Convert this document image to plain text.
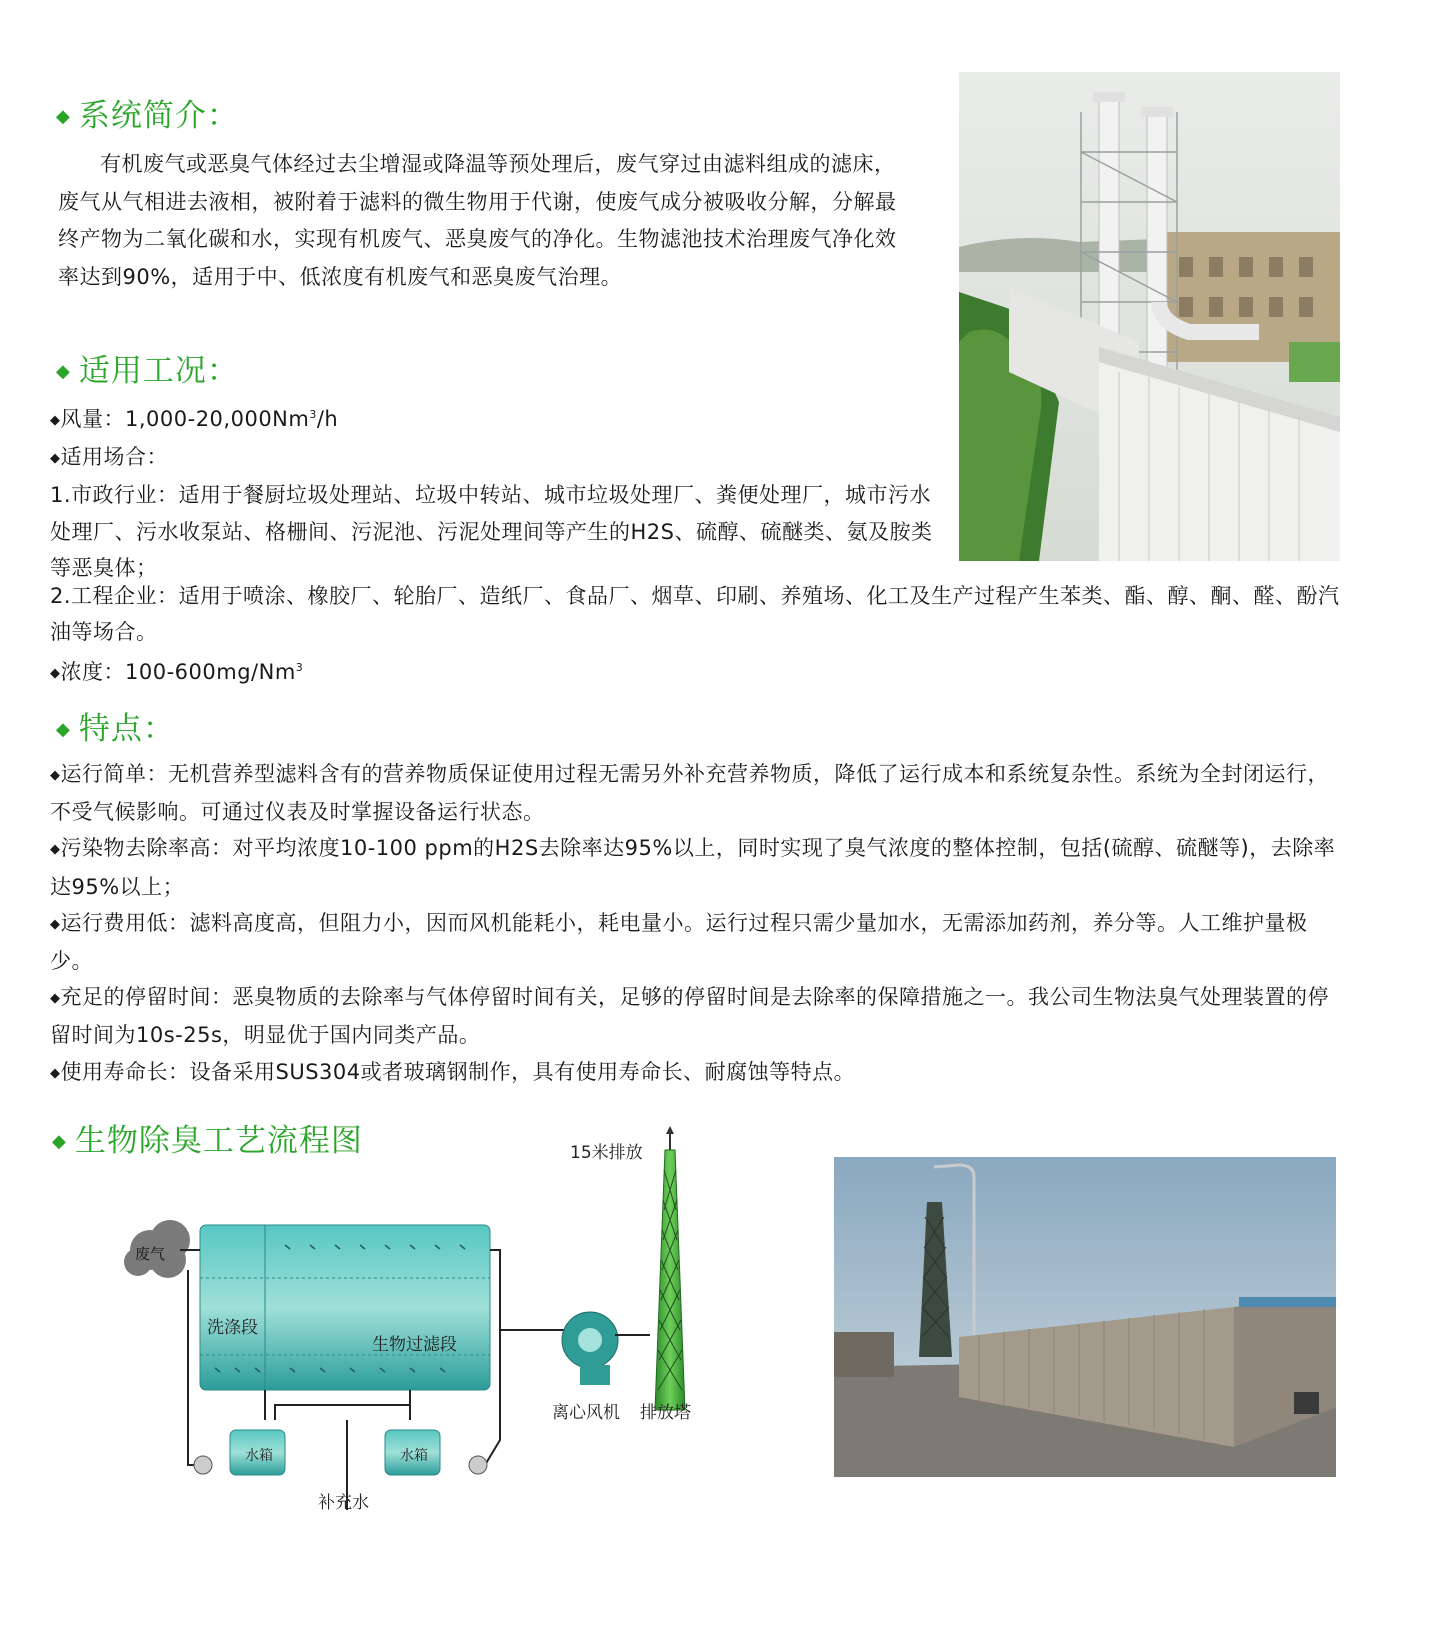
◆ 系统简介：

有机废气或恶臭气体经过去尘增湿或降温等预处理后，废气穿过由滤料组成的滤床，废气从气相进去液相，被附着于滤料的微生物用于代谢，使废气成分被吸收分解，分解最终产物为二氧化碳和水，实现有机废气、恶臭废气的净化。生物滤池技术治理废气净化效率达到90%，适用于中、低浓度有机废气和恶臭废气治理。

◆ 适用工况：

◆风量：1,000-20,000Nm$^3$/h

◆适用场合：

1.市政行业：适用于餐厨垃圾处理站、垃圾中转站、城市垃圾处理厂、粪便处理厂，城市污水处理厂、污水收泵站、格栅间、污泥池、污泥处理间等产生的H2S、硫醇、硫醚类、氨及胺类等恶臭体；

2.工程企业：适用于喷涂、橡胶厂、轮胎厂、造纸厂、食品厂、烟草、印刷、养殖场、化工及生产过程产生苯类、酯、醇、酮、醛、酚汽油等场合。

◆浓度：100-600mg/Nm$^3$

◆ 特点：

◆运行简单：无机营养型滤料含有的营养物质保证使用过程无需另外补充营养物质，降低了运行成本和系统复杂性。系统为全封闭运行，不受气候影响。可通过仪表及时掌握设备运行状态。

◆污染物去除率高：对平均浓度10-100 ppm的H2S去除率达95%以上，同时实现了臭气浓度的整体控制，包括(硫醇、硫醚等)，去除率达95%以上；

◆运行费用低：滤料高度高，但阻力小，因而风机能耗小，耗电量小。运行过程只需少量加水，无需添加药剂，养分等。人工维护量极少。

◆充足的停留时间：恶臭物质的去除率与气体停留时间有关，足够的停留时间是去除率的保障措施之一。我公司生物法臭气处理装置的停留时间为10s-25s，明显优于国内同类产品。

◆使用寿命长：设备采用SUS304或者玻璃钢制作，具有使用寿命长、耐腐蚀等特点。

◆ 生物除臭工艺流程图
废气
洗涤段
生物过滤段
15米排放
离心风机 排放塔
水箱	水箱
补充水
